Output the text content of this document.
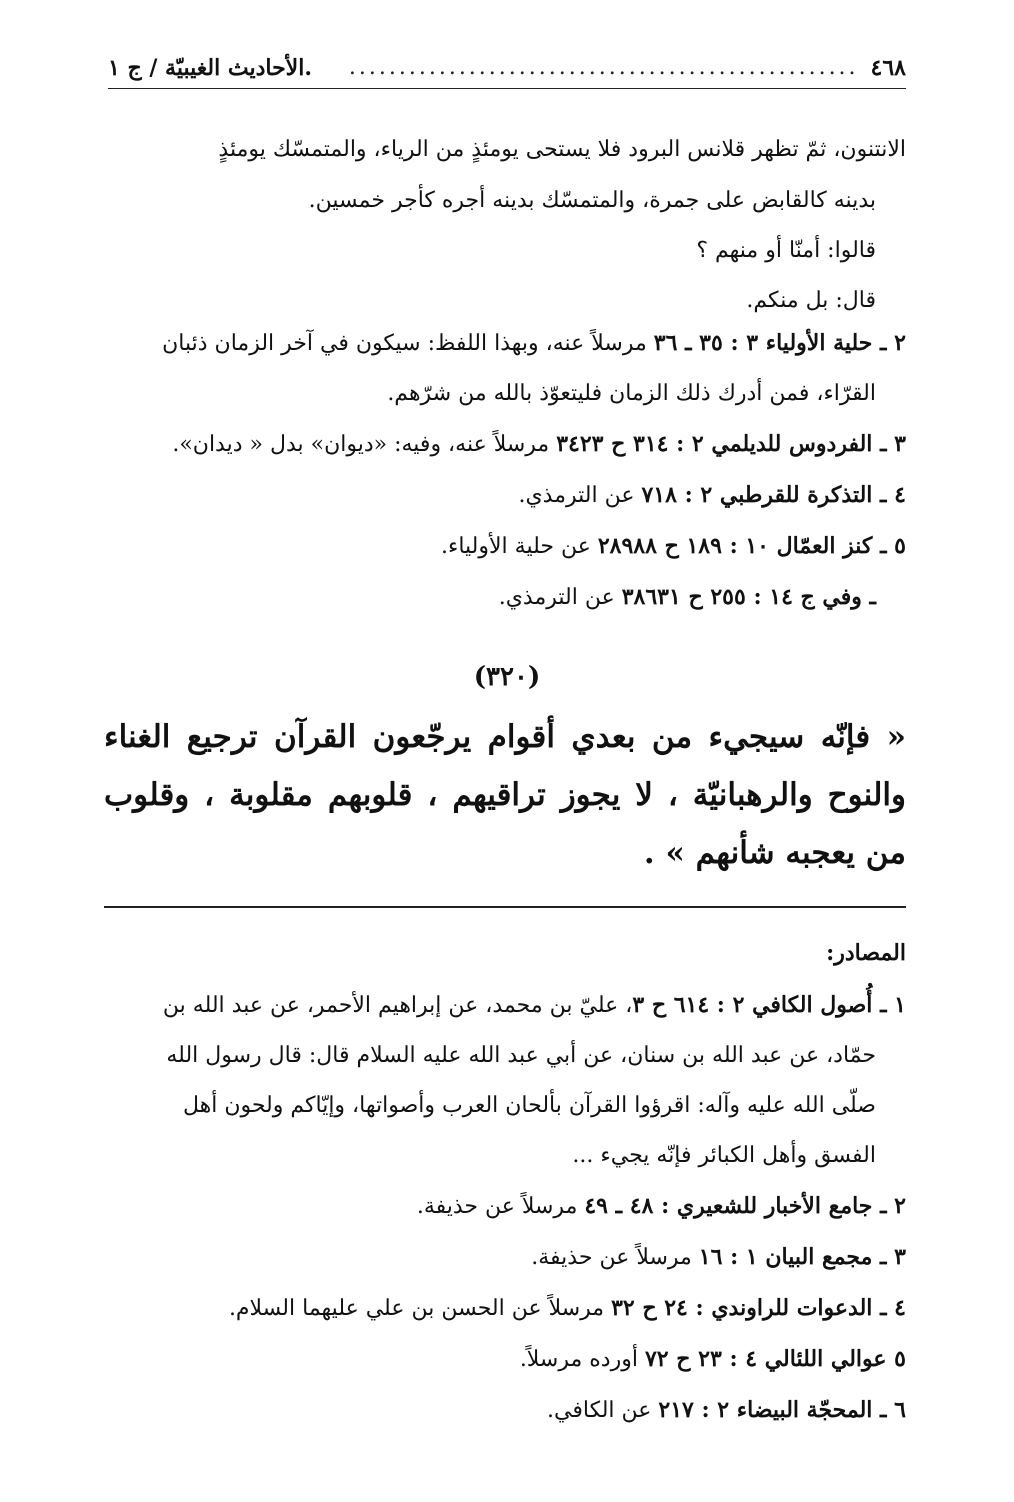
٤٦٨
...................................................
.الأحاديث الغيبيّة / ج ١

الانتنون، ثمّ تظهر قلانس البرود فلا يستحى يومئذٍ من الرياء، والمتمسّك يومئذٍ

بدينه كالقابض على جمرة، والمتمسّك بدينه أجره كأجر خمسين.

قالوا: أمنّا أو منهم ؟

قال: بل منكم.

٢ ـ حلية الأولياء ٣ : ٣٥ ـ ٣٦ مرسلاً عنه، وبهذا اللفظ: سيكون في آخر الزمان ذئبان

القرّاء، فمن أدرك ذلك الزمان فليتعوّذ بالله من شرّهم.

٣ ـ الفردوس للديلمي ٢ : ٣١٤ ح ٣٤٢٣ مرسلاً عنه، وفيه: «ديوان» بدل « ديدان».

٤ ـ التذكرة للقرطبي ٢ : ٧١٨ عن الترمذي.

٥ ـ كنز العمّال ١٠ : ١٨٩ ح ٢٨٩٨٨ عن حلية الأولياء.

ـ وفي ج ١٤ : ٢٥٥ ح ٣٨٦٣١ عن الترمذي.

(٣٢٠)
« فإنّه سيجيء من بعدي أقوام يرجّعون القرآن ترجيع الغناء والنوح والرهبانيّة ، لا يجوز تراقيهم ، قلوبهم مقلوبة ، وقلوب من يعجبه شأنهم » .
المصادر:

١ ـ أُصول الكافي ٢ : ٦١٤ ح ٣، عليّ بن محمد، عن إبراهيم الأحمر، عن عبد الله بن

حمّاد، عن عبد الله بن سنان، عن أبي عبد الله عليه السلام قال: قال رسول الله

صلّى الله عليه وآله: اقرؤوا القرآن بألحان العرب وأصواتها، وإيّاكم ولحون أهل

الفسق وأهل الكبائر فإنّه يجيء ...

٢ ـ جامع الأخبار للشعيري : ٤٨ ـ ٤٩ مرسلاً عن حذيفة.

٣ ـ مجمع البيان ١ : ١٦ مرسلاً عن حذيفة.

٤ ـ الدعوات للراوندي : ٢٤ ح ٣٢ مرسلاً عن الحسن بن علي عليهما السلام.

٥ عوالي اللئالي ٤ : ٢٣ ح ٧٢ أورده مرسلاً.

٦ ـ المحجّة البيضاء ٢ : ٢١٧ عن الكافي.
